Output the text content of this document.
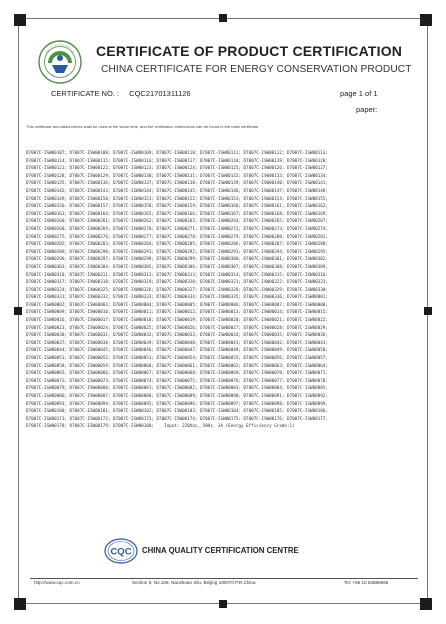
CERTIFICATE OF PRODUCT CERTIFICATION
CHINA CERTIFICATE FOR ENERGY CONSERVATION PRODUCT
CERTIFICATE NO. : CQC21701311126	page 1 of 1
paper:
This certificate and attachments shall be used at the same time, and the verification instructions can be found in the main certificate.
D7007C-ISW00107; D7007C-ISW00108; D7007C-ISW00109; D7007C-ISW00110; D7007C-ISW00111; D7007C-ISW00112; D7007C-ISW00113;
D7007C-ISW00114; D7007C-ISW00115; D7007C-ISW00116; D7007C-ISW00117; D7007C-ISW00118; D7007C-ISW00119; D7007C-ISW00120;
D7007C-ISW00121; D7007C-ISW00122; D7007C-ISW00123; D7007C-ISW00124; D7007C-ISW00125; D7007C-ISW00126; D7007C-ISW00127;
D7007C-ISW00128; D7007C-ISW00129; D7007C-ISW00130; D7007C-ISW00131; D7007C-ISW00132; D7007C-ISW00133; D7007C-ISW00134;
D7007C-ISW00135; D7007C-ISW00136; D7007C-ISW00137; D7007C-ISW00138; D7007C-ISW00139; D7007C-ISW00140; D7007C-ISW00141;
D7007C-ISW00142; D7007C-ISW00143; D7007C-ISW00144; D7007C-ISW00145; D7007C-ISW00146; D7007C-ISW00147; D7007C-ISW00148;
D7007C-ISW00149; D7007C-ISW00150; D7007C-ISW00151; D7007C-ISW00152; D7007C-ISW00153; D7007C-ISW00154; D7007C-ISW00155;
D7007C-ISW00156; D7007C-ISW00157; D7007C-ISW00158; D7007C-ISW00159; D7007C-ISW00160; D7007C-ISW00161; D7007C-ISW00162;
D7007C-ISW00163; D7007C-ISW00164; D7007C-ISW00165; D7007C-ISW00166; D7007C-ISW00167; D7007C-ISW00168; D7007C-ISW00169;
D7007C-IXW00260; D7007C-IXW00261; D7007C-IXW00262; D7007C-IXW00263; D7007C-IXW00264; D7007C-IXW00265; D7007C-IXW00267;
D7007C-IXW00268; D7007C-IXW00269; D7007C-IXW00270; D7007C-IXW00271; D7007C-IXW00272; D7007C-IXW00273; D7007C-IXW00274;
D7007C-IXW00275; D7007C-IXW00276; D7007C-IXW00277; D7007C-IXW00278; D7007C-IXW00279; D7007C-IXW00280; D7007C-IXW00281;
D7007C-IXW00282; D7007C-IXW00283; D7007C-IXW00284; D7007C-IXW00285; D7007C-IXW00286; D7007C-IXW00287; D7007C-IXW00288;
D7007C-IXW00289; D7007C-IXW00290; D7007C-IXW00291; D7007C-IXW00292; D7007C-IXW00293; D7007C-IXW00294; D7007C-IXW00295;
D7007C-IXW00296; D7007C-IXW00297; D7007C-IXW00298; D7007C-IXW00299; D7007C-IXW00300; D7007C-IXW00301; D7007C-IXW00302;
D7007C-IXW00303; D7007C-IXW00304; D7007C-IXW00305; D7007C-IXW00306; D7007C-IXW00307; D7007C-IXW00308; D7007C-IXW00309;
D7007C-IXW00310; D7007C-IXW00311; D7007C-IXW00312; D7007C-IXW00313; D7007C-IXW00314; D7007C-IXW00315; D7007C-IXW00316;
D7007C-IXW00317; D7007C-IXW00318; D7007C-IXW00319; D7007C-IXW00320; D7007C-IXW00321; D7007C-IXW00322; D7007C-IXW00323;
D7007C-IXW00324; D7007C-IXW00325; D7007C-IXW00326; D7007C-IXW00327; D7007C-IXW00328; D7007C-IXW00329; D7007C-IXW00330;
D7007C-IXW00331; D7007C-IXW00332; D7007C-IXW00333; D7007C-IXW00334; D7007C-IXW00335; D7007C-IXW00336; D7007C-ISW00001;
D7007C-ISW00002; D7007C-ISW00003; D7007C-ISW00004; D7007C-ISW00005; D7007C-ISW00006; D7007C-ISW00007; D7007C-ISW00008;
D7007C-ISW00009; D7007C-ISW00010; D7007C-ISW00011; D7007C-ISW00012; D7007C-ISW00013; D7007C-ISW00014; D7007C-ISW00015;
D7007C-ISW00016; D7007C-ISW00017; D7007C-ISW00018; D7007C-ISW00019; D7007C-ISW00020; D7007C-ISW00021; D7007C-ISW00022;
D7007C-ISW00023; D7007C-ISW00024; D7007C-ISW00025; D7007C-ISW00026; D7007C-ISW00027; D7007C-ISW00028; D7007C-ISW00029;
D7007C-ISW00030; D7007C-ISW00031; D7007C-ISW00032; D7007C-ISW00033; D7007C-ISW00034; D7007C-ISW00035; D7007C-ISW00036;
D7007C-ISW00037; D7007C-ISW00038; D7007C-ISW00039; D7007C-ISW00040; D7007C-ISW00041; D7007C-ISW00042; D7007C-ISW00043;
D7007C-ISW00044; D7007C-ISW00045; D7007C-ISW00046; D7007C-ISW00047; D7007C-ISW00048; D7007C-ISW00049; D7007C-ISW00050;
D7007C-ISW00051; D7007C-ISW00052; D7007C-ISW00053; D7007C-ISW00054; D7007C-ISW00055; D7007C-ISW00056; D7007C-ISW00057;
D7007C-ISW00058; D7007C-ISW00059; D7007C-ISW00060; D7007C-ISW00061; D7007C-ISW00062; D7007C-ISW00063; D7007C-ISW00064;
D7007C-ISW00065; D7007C-ISW00066; D7007C-ISW00067; D7007C-ISW00068; D7007C-ISW00069; D7007C-ISW00070; D7007C-ISW00071;
D7007C-ISW00072; D7007C-ISW00073; D7007C-ISW00074; D7007C-ISW00075; D7007C-ISW00076; D7007C-ISW00077; D7007C-ISW00078;
D7007C-ISW00079; D7007C-ISW00080; D7007C-ISW00081; D7007C-ISW00082; D7007C-ISW00083; D7007C-ISW00084; D7007C-ISW00085;
D7007C-ISW00086; D7007C-ISW00087; D7007C-ISW00088; D7007C-ISW00089; D7007C-ISW00090; D7007C-ISW00091; D7007C-ISW00092;
D7007C-ISW00093; D7007C-ISW00094; D7007C-ISW00095; D7007C-ISW00096; D7007C-ISW00097; D7007C-ISW00098; D7007C-ISW00099;
D7007C-ISW00100; D7007C-ISW00101; D7007C-ISW00102; D7007C-ISW00103; D7007C-ISW00104; D7007C-ISW00105; D7007C-ISW00106;
D7007C-ISW00171; D7007C-ISW00172; D7007C-ISW00173; D7007C-ISW00174; D7007C-ISW00175; D7007C-ISW00176; D7007C-ISW00177;
D7007C-ISW00178; D7007C-ISW00179; D7007C-ISW00180;    Input: 220Vac, 50Hz, 3A (Energy Efficiency Grade:1)
CQC CHINA QUALITY CERTIFICATION CENTRE
http://www.cqc.com.cn	Section 9, No.188, Nanshuan Xilu, Beijing 100070 P.R.China	Tel: +86 10 83886666
